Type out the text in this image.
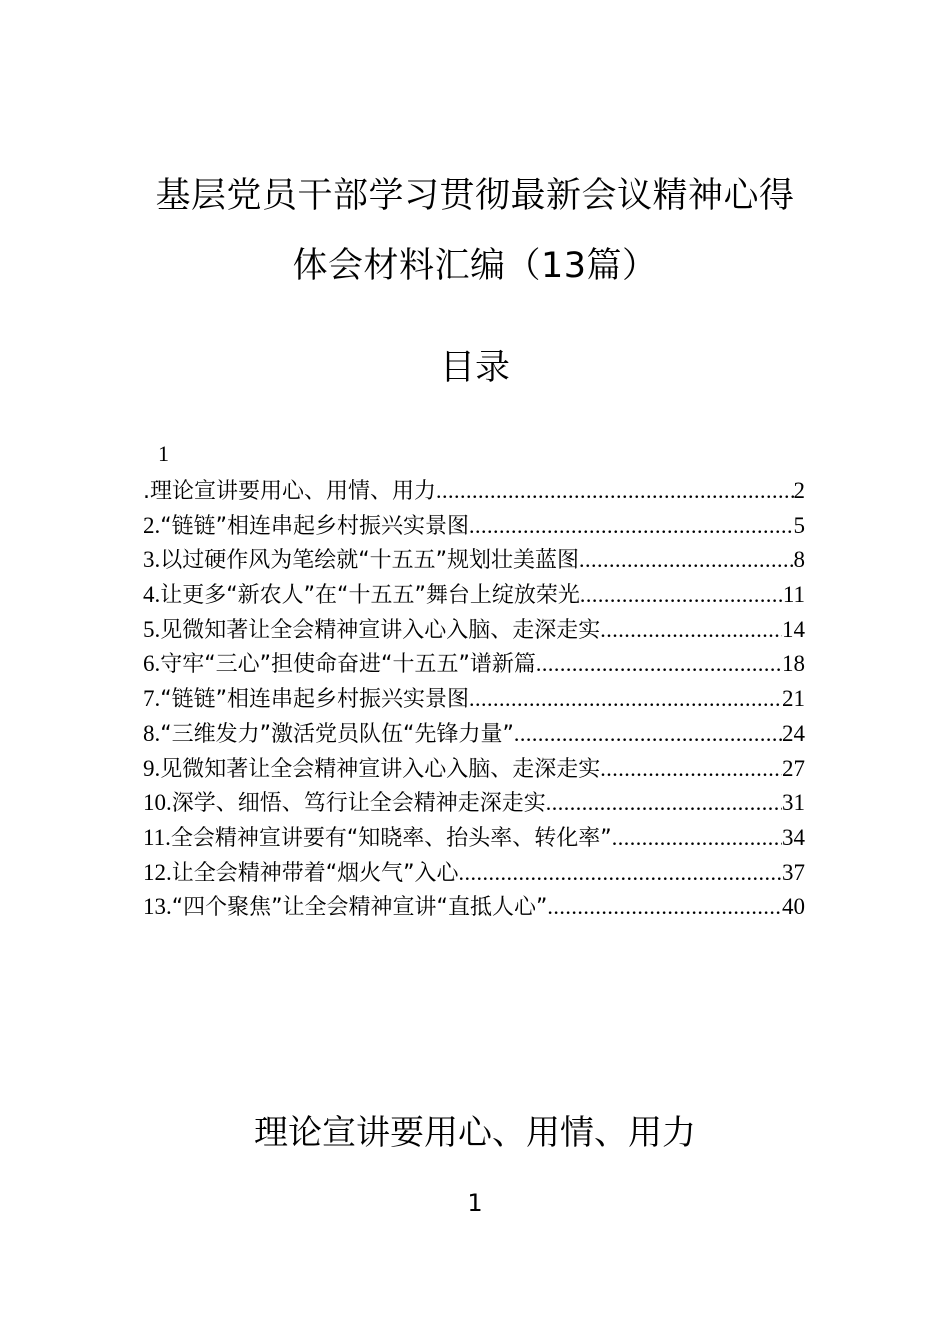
基层党员干部学习贯彻最新会议精神心得
体会材料汇编（13篇）
目录
1
.理论宣讲要用心、用情、用力 .....	2
2.“链链”相连串起乡村振兴实景图 .....	5
3.以过硬作风为笔绘就“十五五”规划壮美蓝图 .....	8
4.让更多“新农人”在“十五五”舞台上绽放荣光 .....	11
5.见微知著让全会精神宣讲入心入脑、走深走实 .....	14
6.守牢“三心”担使命奋进“十五五”谱新篇 .....	18
7.“链链”相连串起乡村振兴实景图 .....	21
8.“三维发力”激活党员队伍“先锋力量” .....	24
9.见微知著让全会精神宣讲入心入脑、走深走实 .....	27
10.深学、细悟、笃行让全会精神走深走实 .....	31
11.全会精神宣讲要有“知晓率、抬头率、转化率” .....	34
12.让全会精神带着“烟火气”入心 .....	37
13.“四个聚焦”让全会精神宣讲“直抵人心” .....	40
理论宣讲要用心、用情、用力
1
